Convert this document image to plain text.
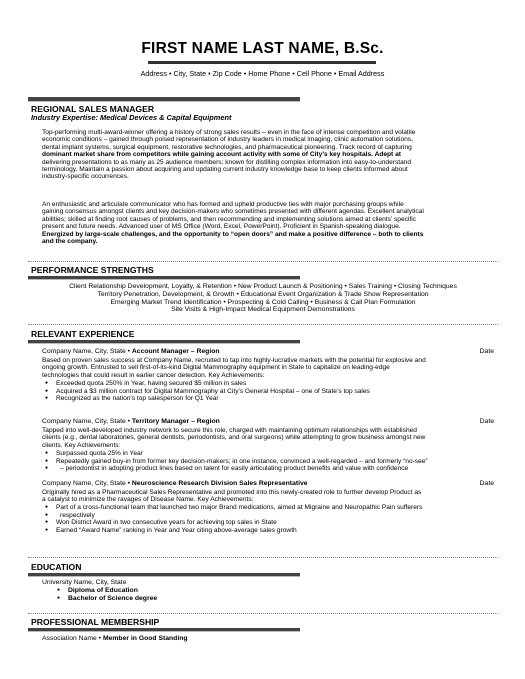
FIRST NAME LAST NAME, B.Sc.
Address • City, State • Zip Code • Home Phone • Cell Phone • Email Address
REGIONAL SALES MANAGER
Industry Expertise: Medical Devices & Capital Equipment
Top-performing multi-award-winner offering a history of strong sales results – even in the face of intense competition and volatile
economic conditions – gained through poised representation of industry leaders in medical imaging, clinic automation solutions,
dental implant systems, surgical equipment, restorative technologies, and pharmaceutical pioneering. Track record of capturing
dominant market share from competitors while gaining account activity with some of City’s key hospitals. Adept at
delivering presentations to as many as 25 audience members; known for distilling complex information into easy-to-understand
terminology. Maintain a passion about acquiring and updating current industry knowledge base to keep clients informed about
industry-specific occurrences.
An enthusiastic and articulate communicator who has formed and upheld productive ties with major purchasing groups while
gaining consensus amongst clients and key decision-makers who sometimes presented with different agendas. Excellent analytical
abilities; skilled at finding root causes of problems, and then recommending and implementing solutions aimed at clients’ specific
present and future needs. Advanced user of MS Office (Word, Excel, PowerPoint). Proficient in Spanish-speaking dialogue.
Energized by large-scale challenges, and the opportunity to “open doors” and make a positive difference – both to clients
and the company.
PERFORMANCE STRENGTHS
Client Relationship Development, Loyalty, & Retention • New Product Launch & Positioning • Sales Training • Closing Techniques
Territory Penetration, Development, & Growth • Educational Event Organization & Trade Show Representation
Emerging Market Trend Identification • Prospecting & Cold Calling • Business & Call Plan Formulation
Site Visits & High-Impact Medical Equipment Demonstrations
RELEVANT EXPERIENCE
Company Name, City, State • Account Manager – Region	Date
Based on proven sales success at Company Name, recruited to tap into highly-lucrative markets with the potential for explosive and
ongoing growth. Entrusted to sell first-of-its-kind Digital Mammography equipment in State to capitalize on leading-edge
technologies that could result in earlier cancer detection. Key Achievements:
● Exceeded quota 250% in Year, having secured $5 million in sales
● Acquired a $3 million contract for Digital Mammography at City’s General Hospital – one of State’s top sales
● Recognized as the nation’s top salesperson for Q1 Year
Company Name, City, State • Territory Manager – Region	Date
Tapped into well-developed industry network to secure this role, charged with maintaining optimum relationships with established
clients (e.g., dental laboratories, general dentists, periodontists, and oral surgeons) while attempting to grow business amongst new
clients. Key Achievements:
● Surpassed quota 25% in Year
● Repeatedly gained buy-in from former key decision-makers; in one instance, convinced a well-regarded – and formerly “no-see”
● – periodontist in adopting product lines based on talent for easily articulating product benefits and value with confidence
Company Name, City, State • Neuroscience Research Division Sales Representative	Date
Originally hired as a Pharmaceutical Sales Representative and promoted into this newly-created role to further develop Product as
a catalyst to minimize the ravages of Disease Name. Key Achievements:
● Part of a cross-functional team that launched two major Brand medications, aimed at Migraine and Neuropathic Pain sufferers
● respectively
● Won District Award in two consecutive years for achieving top sales in State
● Earned “Award Name” ranking in Year and Year citing above-average sales growth
EDUCATION
University Name, City, State
● Diploma of Education
● Bachelor of Science degree
PROFESSIONAL MEMBERSHIP
Association Name • Member in Good Standing
